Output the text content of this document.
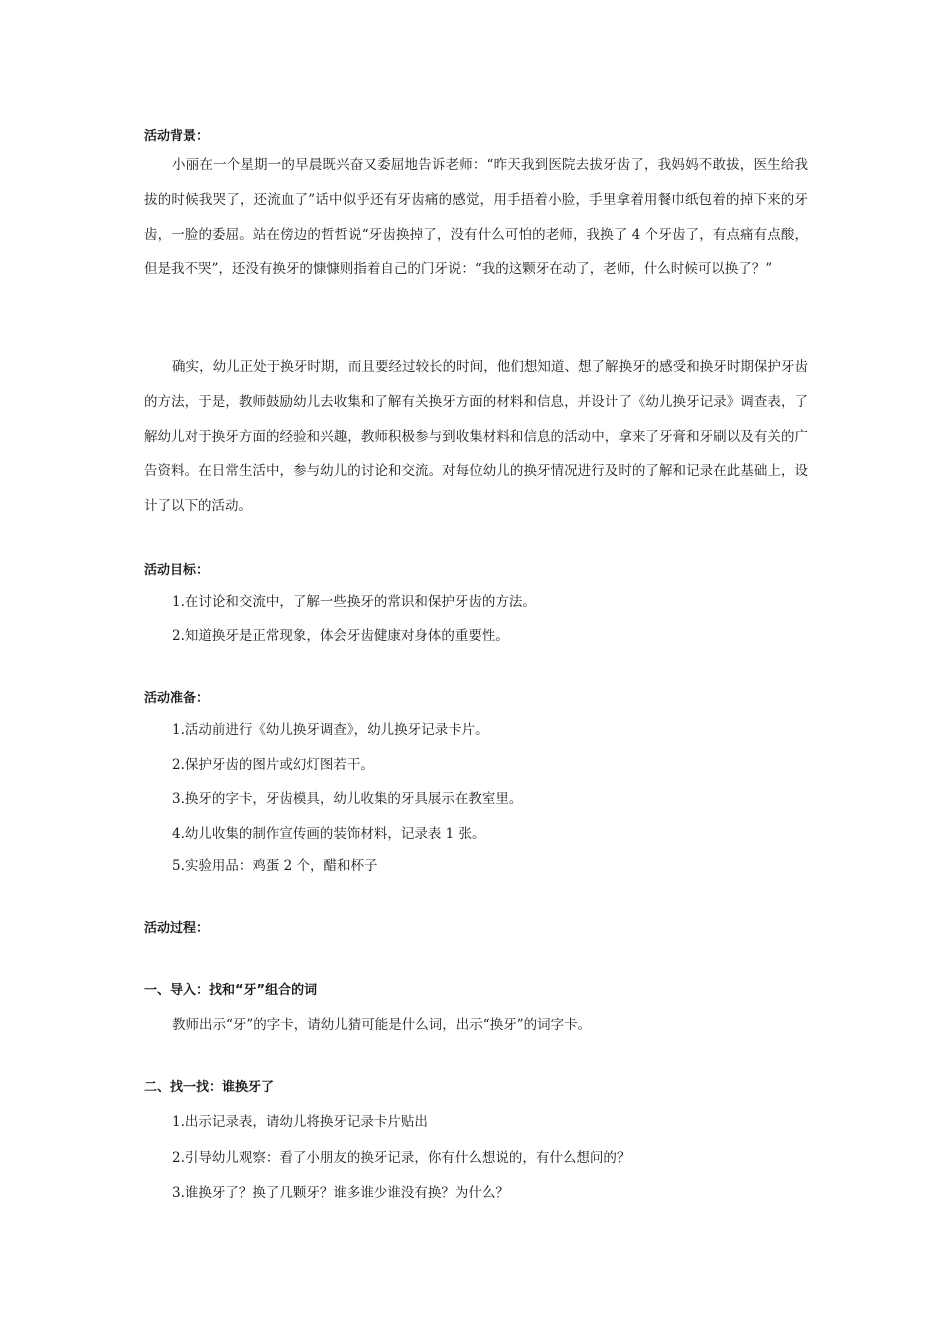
活动背景：

小丽在一个星期一的早晨既兴奋又委屈地告诉老师：“昨天我到医院去拔牙齿了，我妈妈不敢拔，医生给我拔的时候我哭了，还流血了”话中似乎还有牙齿痛的感觉，用手捂着小脸，手里拿着用餐巾纸包着的掉下来的牙齿，一脸的委屈。站在傍边的哲哲说“牙齿换掉了，没有什么可怕的老师，我换了 4 个牙齿了，有点痛有点酸，但是我不哭”，还没有换牙的慷慷则指着自己的门牙说：“我的这颗牙在动了，老师，什么时候可以换了？”

确实，幼儿正处于换牙时期，而且要经过较长的时间，他们想知道、想了解换牙的感受和换牙时期保护牙齿的方法，于是，教师鼓励幼儿去收集和了解有关换牙方面的材料和信息，并设计了《幼儿换牙记录》调查表，了解幼儿对于换牙方面的经验和兴趣，教师积极参与到收集材料和信息的活动中，拿来了牙膏和牙刷以及有关的广告资料。在日常生活中，参与幼儿的讨论和交流。对每位幼儿的换牙情况进行及时的了解和记录在此基础上，设计了以下的活动。

活动目标：
1.在讨论和交流中，了解一些换牙的常识和保护牙齿的方法。
2.知道换牙是正常现象，体会牙齿健康对身体的重要性。
活动准备：
1.活动前进行《幼儿换牙调查》，幼儿换牙记录卡片。
2.保护牙齿的图片或幻灯图若干。
3.换牙的字卡，牙齿模具，幼儿收集的牙具展示在教室里。
4.幼儿收集的制作宣传画的装饰材料，记录表 1 张。
5.实验用品：鸡蛋 2 个，醋和杯子
活动过程：
一、导入：找和“牙”组合的词
教师出示“牙”的字卡，请幼儿猜可能是什么词，出示“换牙”的词字卡。
二、找一找：谁换牙了
1.出示记录表，请幼儿将换牙记录卡片贴出
2.引导幼儿观察：看了小朋友的换牙记录，你有什么想说的，有什么想问的？
3.谁换牙了？换了几颗牙？谁多谁少谁没有换？为什么？
